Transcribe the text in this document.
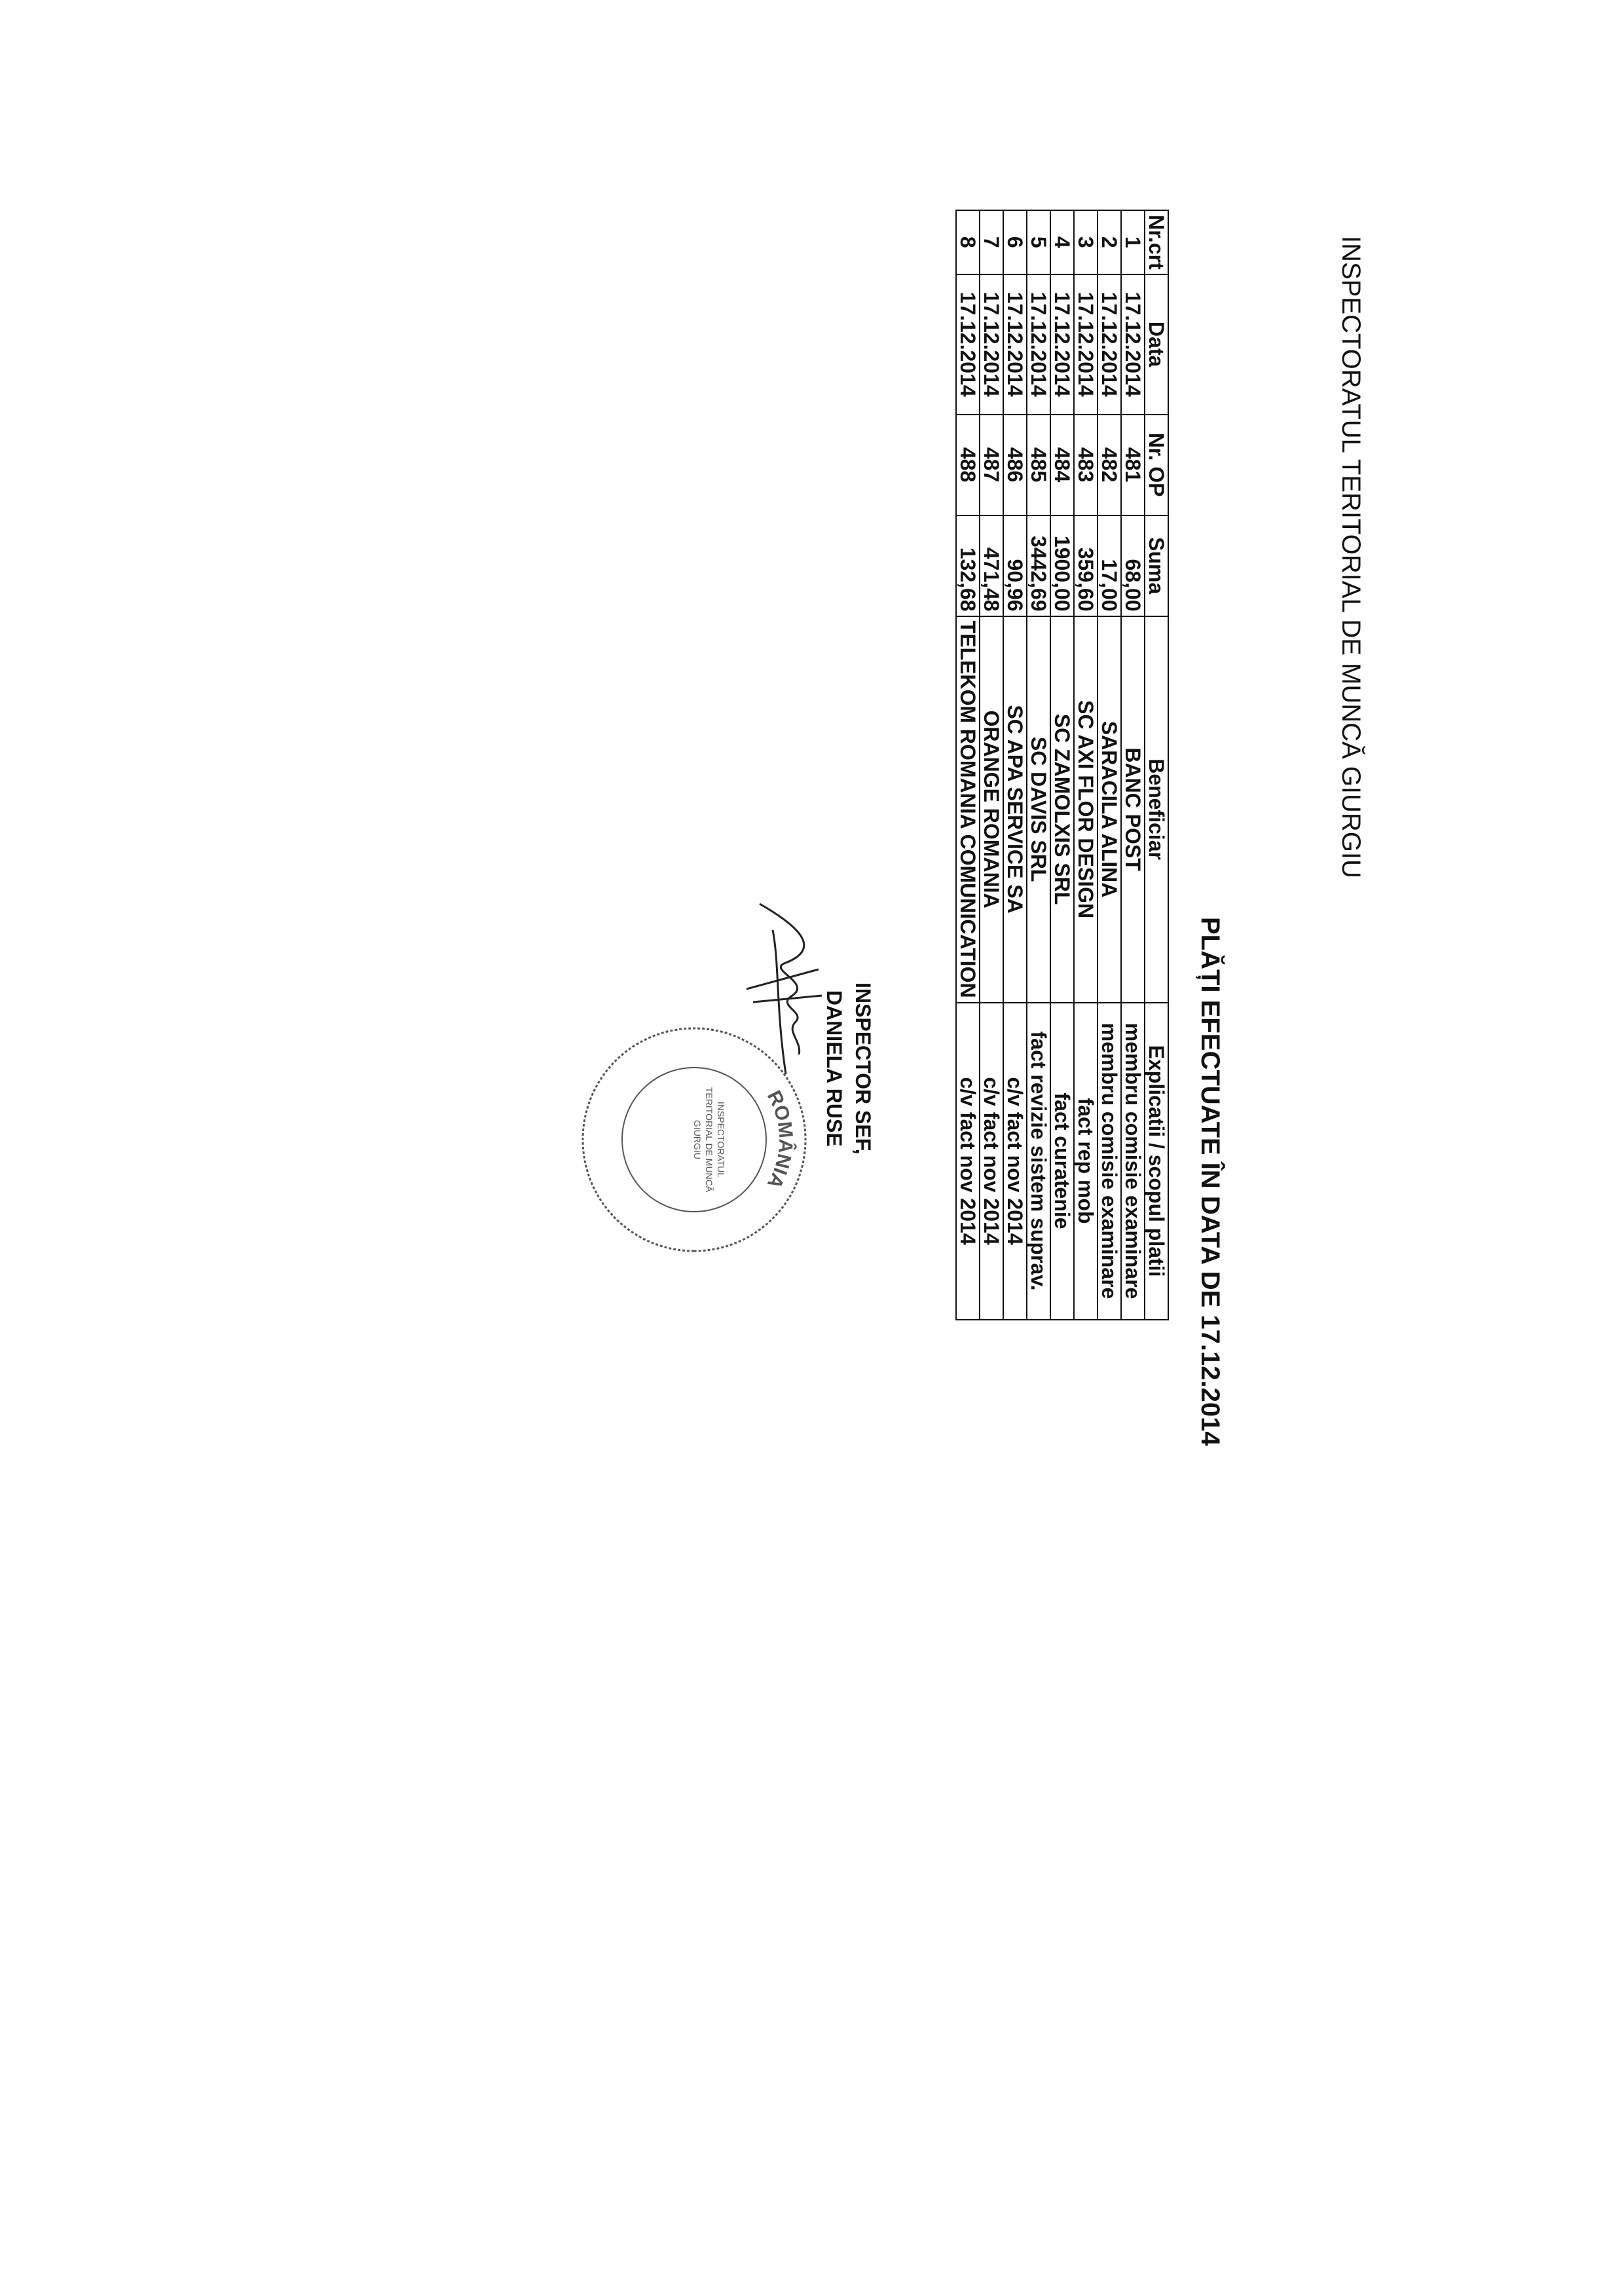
INSPECTORATUL TERITORIAL DE MUNCĂ GIURGIU
PLĂȚI EFECTUATE ÎN DATA DE 17.12.2014
Nr.crt	Data	Nr. OP	Suma	Beneficiar	Explicatii / scopul platii
1	17.12.2014	481	68,00	BANC POST	membru comisie examinare
2	17.12.2014	482	17,00	SARACILA ALINA	membru comisie examinare
3	17.12.2014	483	359,60	SC AXI FLOR DESIGN	fact rep mob
4	17.12.2014	484	1900,00	SC ZAMOLXIS SRL	fact curatenie
5	17.12.2014	485	3442,69	SC DAVIS SRL	fact revizie sistem suprav.
6	17.12.2014	486	90,96	SC APA SERVICE SA	c/v fact nov 2014
7	17.12.2014	487	471,48	ORANGE ROMANIA	c/v fact nov 2014
8	17.12.2014	488	132,68	TELEKOM ROMANIA COMUNICATION	c/v fact nov 2014
INSPECTOR SEF,
DANIELA RUSE
ROMÂNIA
INSPECTORATUL TERITORIAL DE MUNCĂ GIURGIU
